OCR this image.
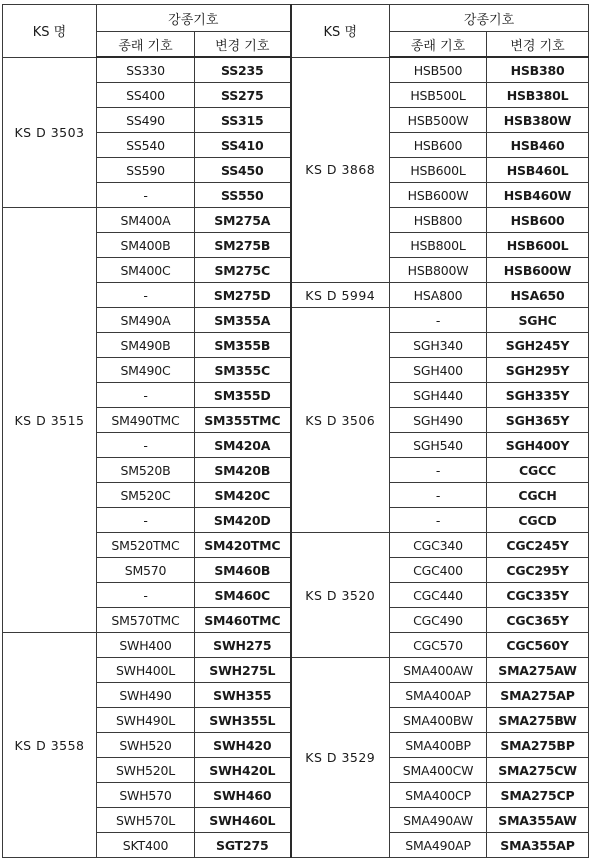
KS 명	강종기호		KS 명	강종기호	
	종래 기호	변경 기호		종래 기호	변경 기호
KS D 3503	SS330	SS235	KS D 3868	HSB500	HSB380
	SS400	SS275		HSB500L	HSB380L
	SS490	SS315		HSB500W	HSB380W
	SS540	SS410		HSB600	HSB460
	SS590	SS450		HSB600L	HSB460L
	-	SS550		HSB600W	HSB460W
KS D 3515	SM400A	SM275A		HSB800	HSB600
	SM400B	SM275B		HSB800L	HSB600L
	SM400C	SM275C		HSB800W	HSB600W
	-	SM275D	KS D 5994	HSA800	HSA650
	SM490A	SM355A	KS D 3506	-	SGHC
	SM490B	SM355B		SGH340	SGH245Y
	SM490C	SM355C		SGH400	SGH295Y
	-	SM355D		SGH440	SGH335Y
	SM490TMC	SM355TMC		SGH490	SGH365Y
	-	SM420A		SGH540	SGH400Y
	SM520B	SM420B		-	CGCC
	SM520C	SM420C		-	CGCH
	-	SM420D		-	CGCD
	SM520TMC	SM420TMC	KS D 3520	CGC340	CGC245Y
	SM570	SM460B		CGC400	CGC295Y
	-	SM460C		CGC440	CGC335Y
	SM570TMC	SM460TMC		CGC490	CGC365Y
KS D 3558	SWH400	SWH275		CGC570	CGC560Y
	SWH400L	SWH275L	KS D 3529	SMA400AW	SMA275AW
	SWH490	SWH355		SMA400AP	SMA275AP
	SWH490L	SWH355L		SMA400BW	SMA275BW
	SWH520	SWH420		SMA400BP	SMA275BP
	SWH520L	SWH420L		SMA400CW	SMA275CW
	SWH570	SWH460		SMA400CP	SMA275CP
	SWH570L	SWH460L		SMA490AW	SMA355AW
	SKT400	SGT275		SMA490AP	SMA355AP
